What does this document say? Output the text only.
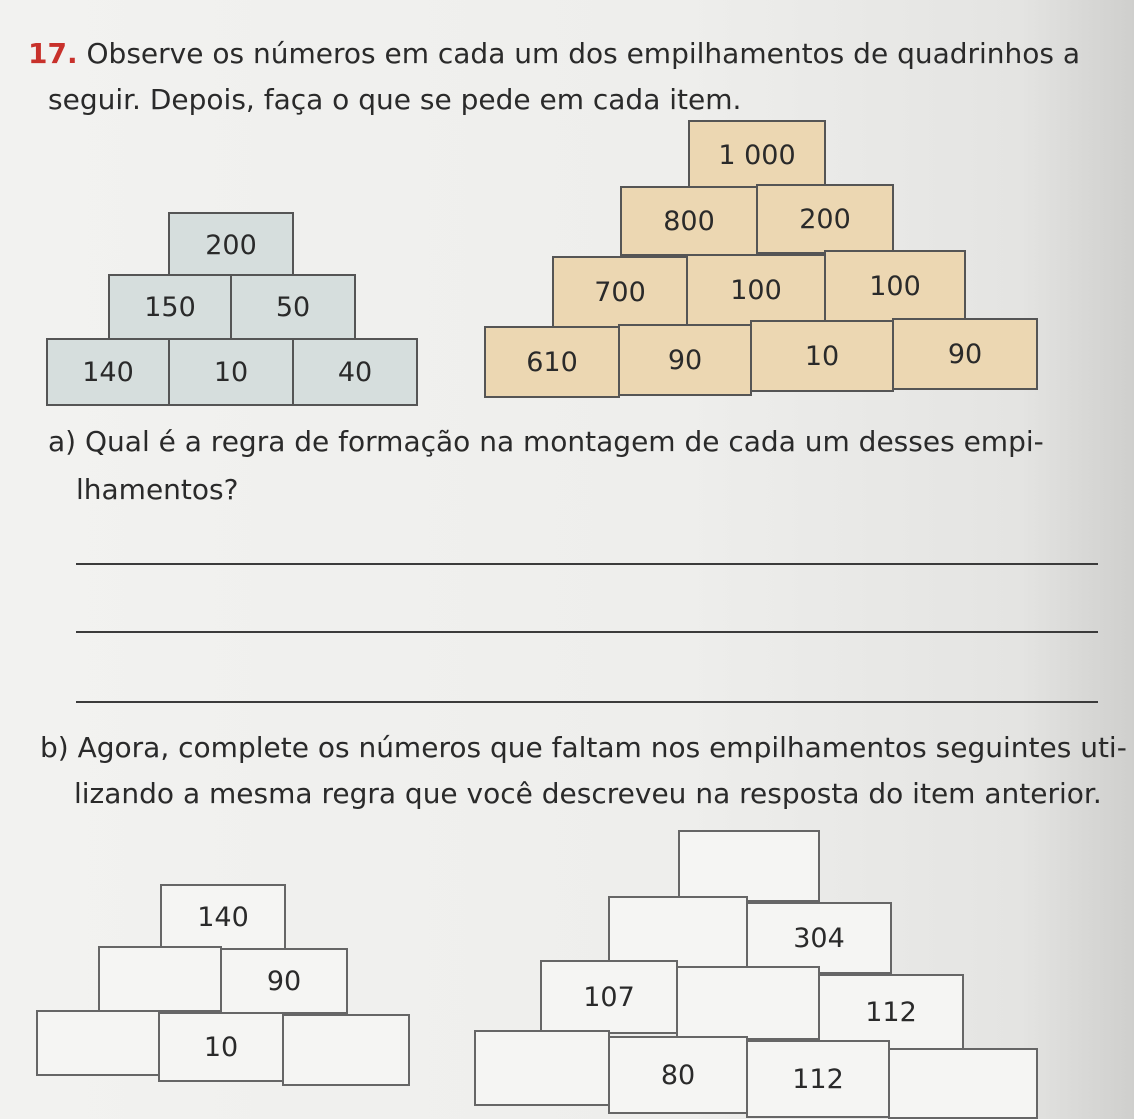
17. Observe os números em cada um dos empilhamentos de quadrinhos a
seguir. Depois, faça o que se pede em cada item.
200
150	50
140	10	40
1 000
800	200
700	100	100
610	90	10	90
a) Qual é a regra de formação na montagem de cada um desses empi-
lhamentos?
b) Agora, complete os números que faltam nos empilhamentos seguintes uti-
lizando a mesma regra que você descreveu na resposta do item anterior.
140
90
10
304
107	112
80	112
